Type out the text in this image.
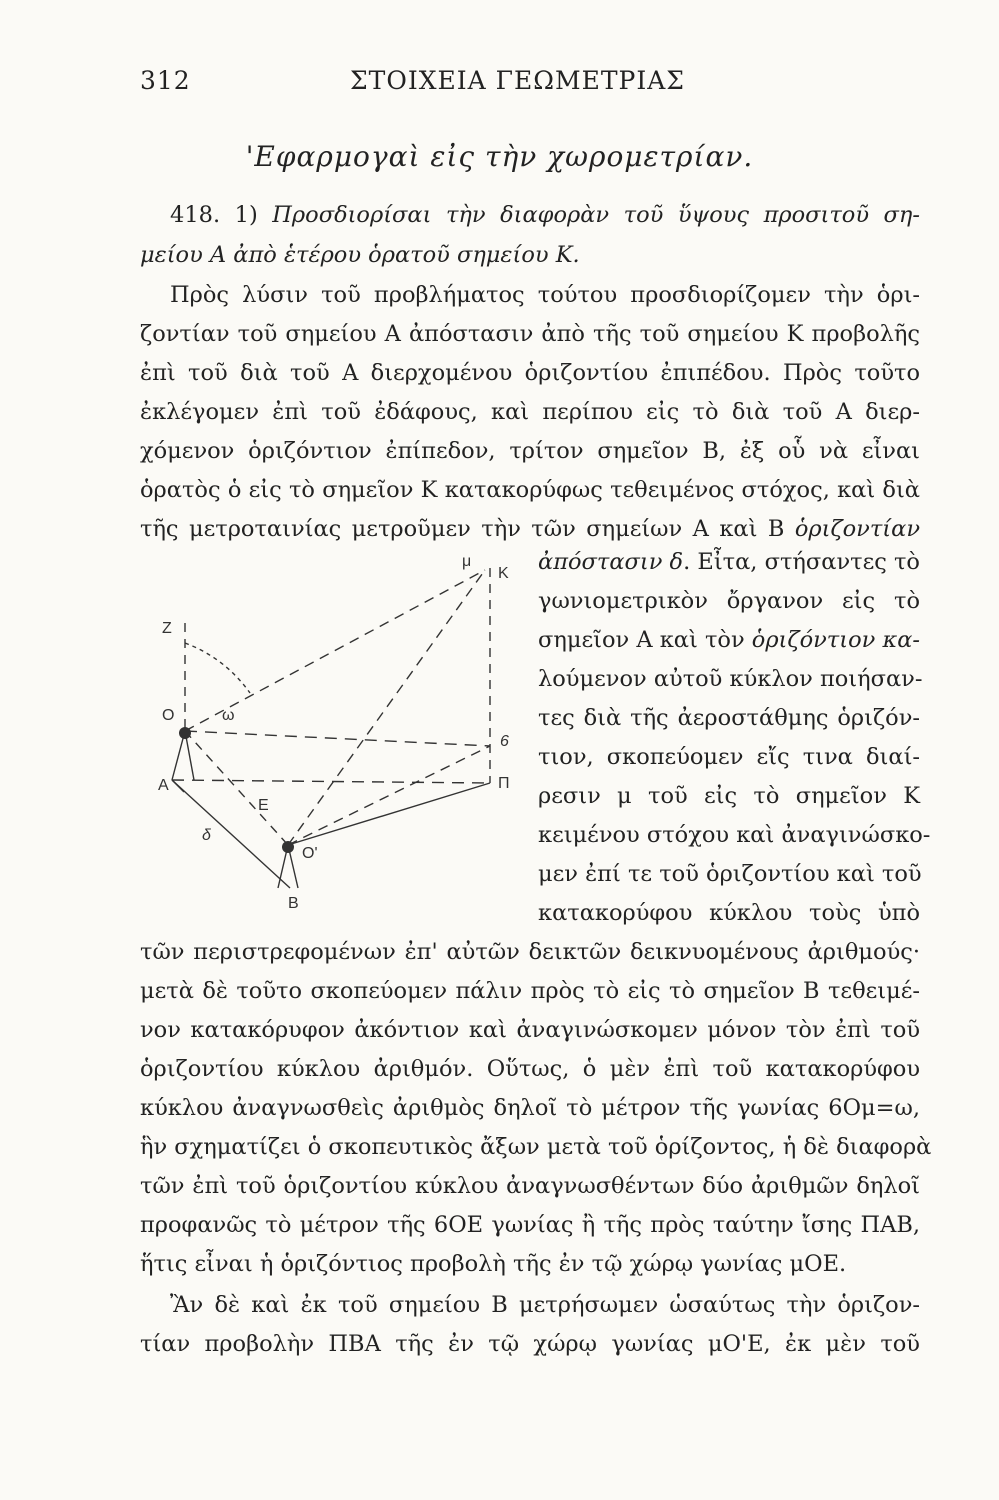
312	ΣΤΟΙΧΕΙΑ ΓΕΩΜΕΤΡΙΑΣ
'Εφαρμογαὶ εἰς τὴν χωρομετρίαν.
418. 1) Προσδιορίσαι τὴν διαφορὰν τοῦ ὕψους προσιτοῦ ση-
μείου Α ἀπὸ ἑτέρου ὁρατοῦ σημείου Κ.
Πρὸς λύσιν τοῦ προβλήματος τούτου προσδιορίζομεν τὴν ὁρι-
ζοντίαν τοῦ σημείου Α ἀπόστασιν ἀπὸ τῆς τοῦ σημείου Κ προβολῆς
ἐπὶ τοῦ διὰ τοῦ Α διερχομένου ὁριζοντίου ἐπιπέδου. Πρὸς τοῦτο
ἐκλέγομεν ἐπὶ τοῦ ἐδάφους, καὶ περίπου εἰς τὸ διὰ τοῦ Α διερ-
χόμενον ὁριζόντιον ἐπίπεδον, τρίτον σημεῖον Β, ἐξ οὗ νὰ εἶναι
ὁρατὸς ὁ εἰς τὸ σημεῖον Κ κατακορύφως τεθειμένος στόχος, καὶ διὰ
τῆς μετροταινίας μετροῦμεν τὴν τῶν σημείων Α καὶ Β ὁριζοντίαν
ἀπόστασιν δ. Εἶτα, στήσαντες τὸ
γωνιομετρικὸν ὄργανον εἰς τὸ
σημεῖον Α καὶ τὸν ὁριζόντιον κα-
λούμενον αὐτοῦ κύκλον ποιήσαν-
τες διὰ τῆς ἀεροστάθμης ὁριζόν-
τιον, σκοπεύομεν εἴς τινα διαί-
ρεσιν μ τοῦ εἰς τὸ σημεῖον Κ
κειμένου στόχου καὶ ἀναγινώσκο-
μεν ἐπί τε τοῦ ὁριζοντίου καὶ τοῦ
κατακορύφου κύκλου τοὺς ὑπὸ
τῶν περιστρεφομένων ἐπ' αὐτῶν δεικτῶν δεικνυομένους ἀριθμούς·
μετὰ δὲ τοῦτο σκοπεύομεν πάλιν πρὸς τὸ εἰς τὸ σημεῖον Β τεθειμέ-
νον κατακόρυφον ἀκόντιον καὶ ἀναγινώσκομεν μόνον τὸν ἐπὶ τοῦ
ὁριζοντίου κύκλου ἀριθμόν. Οὕτως, ὁ μὲν ἐπὶ τοῦ κατακορύφου
κύκλου ἀναγνωσθεὶς ἀριθμὸς δηλοῖ τὸ μέτρον τῆς γωνίας 6Ομ=ω,
ἣν σχηματίζει ὁ σκοπευτικὸς ἄξων μετὰ τοῦ ὁρίζοντος, ἡ δὲ διαφορὰ
τῶν ἐπὶ τοῦ ὁριζοντίου κύκλου ἀναγνωσθέντων δύο ἀριθμῶν δηλοῖ
προφανῶς τὸ μέτρον τῆς 6ΟΕ γωνίας ἢ τῆς πρὸς ταύτην ἴσης ΠΑΒ,
ἥτις εἶναι ἡ ὁριζόντιος προβολὴ τῆς ἐν τῷ χώρῳ γωνίας μΟΕ.
Ἂν δὲ καὶ ἐκ τοῦ σημείου Β μετρήσωμεν ὡσαύτως τὴν ὁριζον-
τίαν προβολὴν ΠΒΑ τῆς ἐν τῷ χώρῳ γωνίας μΟ'Ε, ἐκ μὲν τοῦ
μ
K
Z
O	ω
A
6
Π
E
δ
O'
B
